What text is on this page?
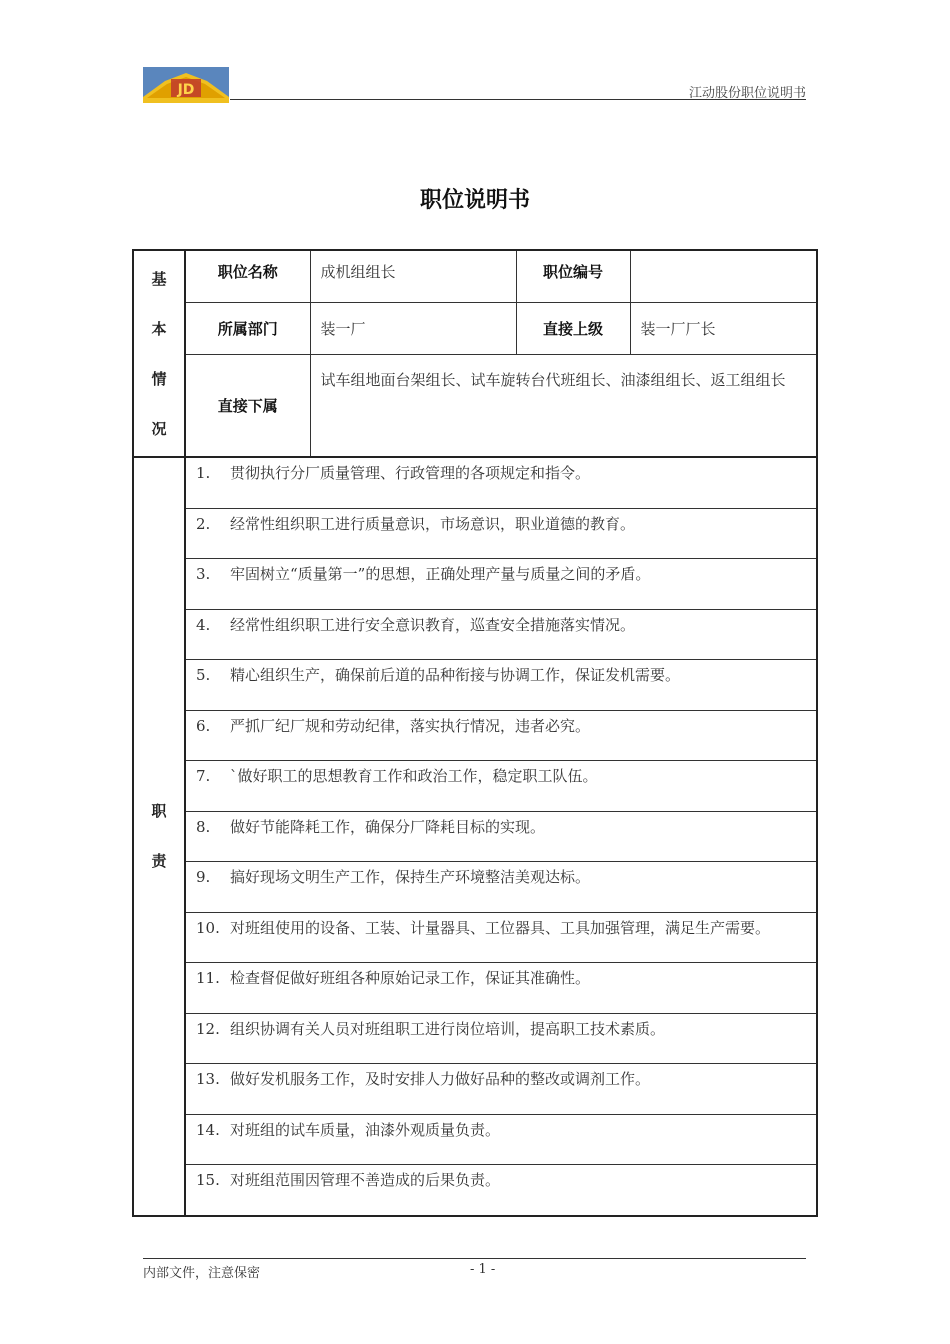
JD	江动股份职位说明书
职位说明书
基
本
情
况	职位名称	成机组组长	职位编号	
	所属部门	装一厂	直接上级	装一厂厂长
	直接下属	试车组地面台架组长、试车旋转台代班组长、油漆组组长、返工组组长		

职
责	1. 贯彻执行分厂质量管理、行政管理的各项规定和指令。			
	2. 经常性组织职工进行质量意识，市场意识，职业道德的教育。			
	3. 牢固树立“质量第一”的思想，正确处理产量与质量之间的矛盾。			
	4. 经常性组织职工进行安全意识教育，巡查安全措施落实情况。			
	5. 精心组织生产，确保前后道的品种衔接与协调工作，保证发机需要。			
	6. 严抓厂纪厂规和劳动纪律，落实执行情况，违者必究。			
	7. `做好职工的思想教育工作和政治工作，稳定职工队伍。			
	8. 做好节能降耗工作，确保分厂降耗目标的实现。			
	9. 搞好现场文明生产工作，保持生产环境整洁美观达标。			
	10. 对班组使用的设备、工装、计量器具、工位器具、工具加强管理，满足生产需要。			
	11. 检查督促做好班组各种原始记录工作，保证其准确性。			
	12. 组织协调有关人员对班组职工进行岗位培训，提高职工技术素质。			
	13. 做好发机服务工作，及时安排人力做好品种的整改或调剂工作。			
	14. 对班组的试车质量，油漆外观质量负责。			
	15. 对班组范围因管理不善造成的后果负责。			
内部文件，注意保密	- 1 -
